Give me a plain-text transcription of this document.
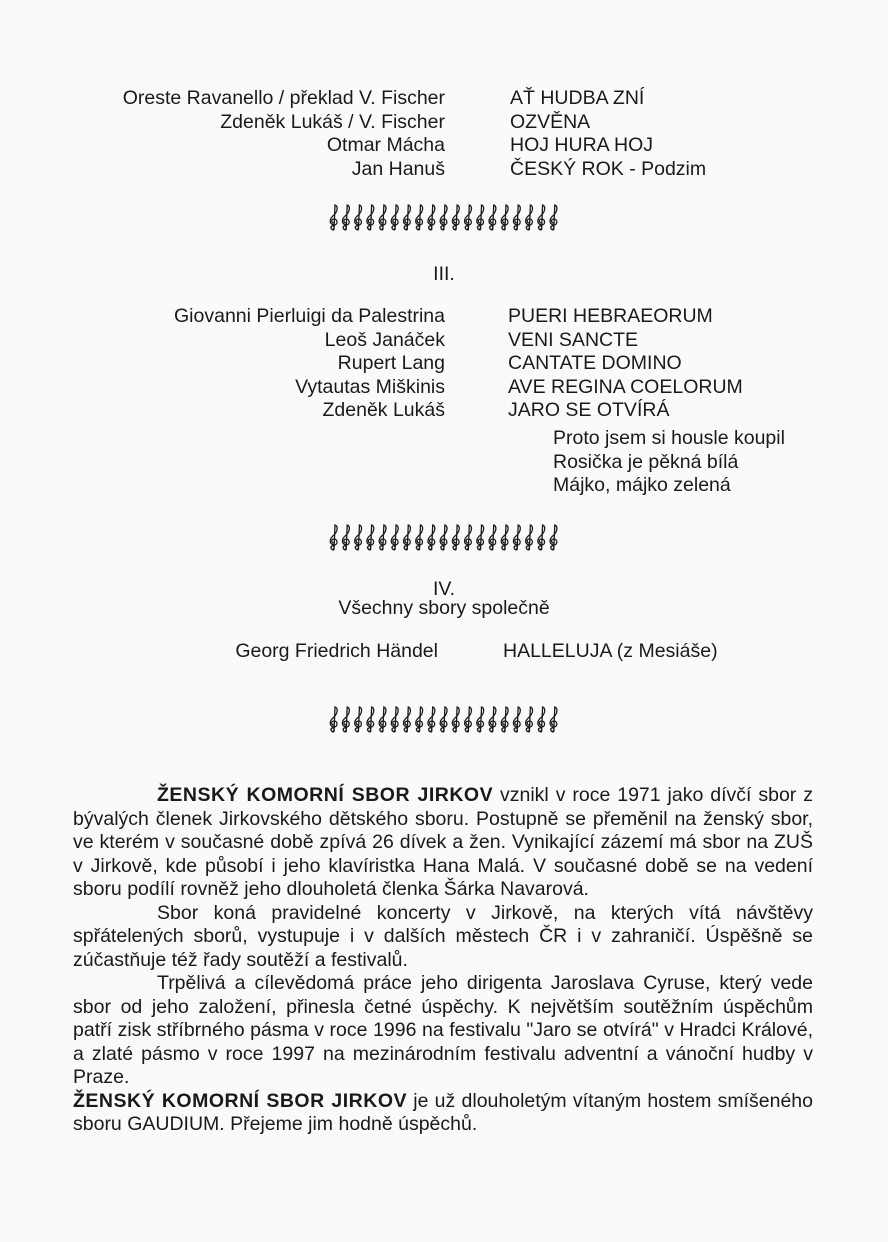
Oreste Ravanello / překlad V. Fischer
Zdeněk Lukáš / V. Fischer
Otmar Mácha
Jan Hanuš
AŤ HUDBA ZNÍ
OZVĚNA
HOJ HURA HOJ
ČESKÝ ROK - Podzim
III.
Giovanni Pierluigi da Palestrina
Leoš Janáček
Rupert Lang
Vytautas Miškinis
Zdeněk Lukáš
PUERI HEBRAEORUM
VENI SANCTE
CANTATE DOMINO
AVE REGINA COELORUM
JARO SE OTVÍRÁ
Proto jsem si housle koupil
Rosička je pěkná bílá
Májko, májko zelená
IV.
Všechny sbory společně
Georg Friedrich Händel	HALLELUJA (z Mesiáše)

ŽENSKÝ KOMORNÍ SBOR JIRKOV vznikl v roce 1971 jako dívčí sbor z bývalých členek Jirkovského dětského sboru. Postupně se přeměnil na ženský sbor, ve kterém v současné době zpívá 26 dívek a žen. Vynikající zázemí má sbor na ZUŠ v Jirkově, kde působí i jeho klavíristka Hana Malá. V současné době se na vedení sboru podílí rovněž jeho dlouholetá členka Šárka Navarová.

Sbor koná pravidelné koncerty v Jirkově, na kterých vítá návštěvy spřátelených sborů, vystupuje i v dalších městech ČR i v zahraničí. Úspěšně se zúčastňuje též řady soutěží a festivalů.

Trpělivá a cílevědomá práce jeho dirigenta Jaroslava Cyruse, který vede sbor od jeho založení, přinesla četné úspěchy. K největším soutěžním úspěchům patří zisk stříbrného pásma v roce 1996 na festivalu "Jaro se otvírá" v Hradci Králové, a zlaté pásmo v roce 1997 na mezinárodním festivalu adventní a vánoční hudby v Praze.

ŽENSKÝ KOMORNÍ SBOR JIRKOV je už dlouholetým vítaným hostem smíšeného sboru GAUDIUM. Přejeme jim hodně úspěchů.
